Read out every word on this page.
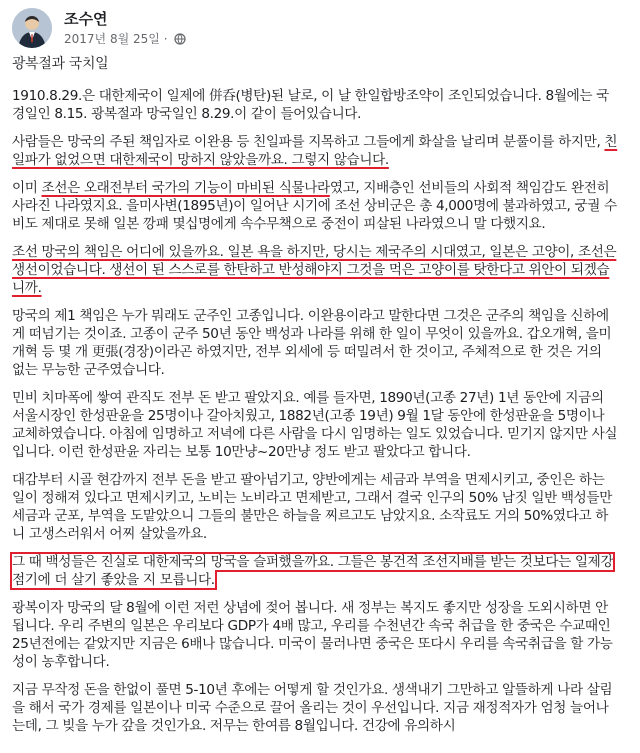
조수연
2017년 8월 25일 ·

광복절과 국치일

1910.8.29.은 대한제국이 일제에 併呑(병탄)된 날로, 이 날 한일합방조약이 조인되었습니다. 8월에는 국경일인 8.15. 광복절과 망국일인 8.29.이 같이 들어있습니다.

사람들은 망국의 주된 책임자로 이완용 등 친일파를 지목하고 그들에게 화살을 날리며 분풀이를 하지만, 친일파가 없었으면 대한제국이 망하지 않았을까요. 그렇지 않습니다.

이미 조선은 오래전부터 국가의 기능이 마비된 식물나라였고, 지배층인 선비들의 사회적 책임감도 완전히 사라진 나라였지요. 을미사변(1895년)이 일어난 시기에 조선 상비군은 총 4,000명에 불과하였고, 궁궐 수비도 제대로 못해 일본 깡패 몇십명에게 속수무책으로 중전이 피살된 나라였으니 말 다했지요.

조선 망국의 책임은 어디에 있을까요. 일본 욕을 하지만, 당시는 제국주의 시대였고, 일본은 고양이, 조선은 생선이었습니다. 생선이 된 스스로를 한탄하고 반성해야지 그것을 먹은 고양이를 탓한다고 위안이 되겠습니까.

망국의 제1 책임은 누가 뭐래도 군주인 고종입니다. 이완용이라고 말한다면 그것은 군주의 책임을 신하에게 떠넘기는 것이죠. 고종이 군주 50년 동안 백성과 나라를 위해 한 일이 무엇이 있을까요. 갑오개혁, 을미개혁 등 몇 개 更張(경장)이라곤 하였지만, 전부 외세에 등 떠밀려서 한 것이고, 주체적으로 한 것은 거의 없는 무능한 군주였습니다.

민비 치마폭에 쌓여 관직도 전부 돈 받고 팔았지요. 예를 들자면, 1890년(고종 27년) 1년 동안에 지금의 서울시장인 한성판윤을 25명이나 갈아치웠고, 1882년(고종 19년) 9월 1달 동안에 한성판윤을 5명이나 교체하였습니다. 아침에 임명하고 저녁에 다른 사람을 다시 임명하는 일도 있었습니다. 믿기지 않지만 사실입니다. 이런 한성판윤 자리는 보통 10만냥~20만냥 정도 받고 팔았다고 합니다.

대감부터 시골 현감까지 전부 돈을 받고 팔아넘기고, 양반에게는 세금과 부역을 면제시키고, 중인은 하는 일이 정해져 있다고 면제시키고, 노비는 노비라고 면제받고, 그래서 결국 인구의 50% 남짓 일반 백성들만 세금과 군포, 부역을 도맡았으니 그들의 불만은 하늘을 찌르고도 남았지요. 소작료도 거의 50%였다고 하니 고생스러워서 어찌 살았을까요.

그 때 백성들은 진실로 대한제국의 망국을 슬퍼했을까요. 그들은 봉건적 조선지배를 받는 것보다는 일제강점기에 더 살기 좋았을 지 모릅니다.

광복이자 망국의 달 8월에 이런 저런 상념에 젖어 봅니다. 새 정부는 복지도 좋지만 성장을 도외시하면 안됩니다. 우리 주변의 일본은 우리보다 GDP가 4배 많고, 우리를 수천년간 속국 취급을 한 중국은 수교때인 25년전에는 같았지만 지금은 6배나 많습니다. 미국이 물러나면 중국은 또다시 우리를 속국취급을 할 가능성이 농후합니다.

지금 무작정 돈을 한없이 풀면 5-10년 후에는 어떻게 할 것인가요. 생색내기 그만하고 알뜰하게 나라 살림을 해서 국가 경제를 일본이나 미국 수준으로 끌어 올리는 것이 우선입니다. 지금 재정적자가 엄청 늘어나는데, 그 빚을 누가 갚을 것인가요. 저무는 한여름 8월입니다. 건강에 유의하시
